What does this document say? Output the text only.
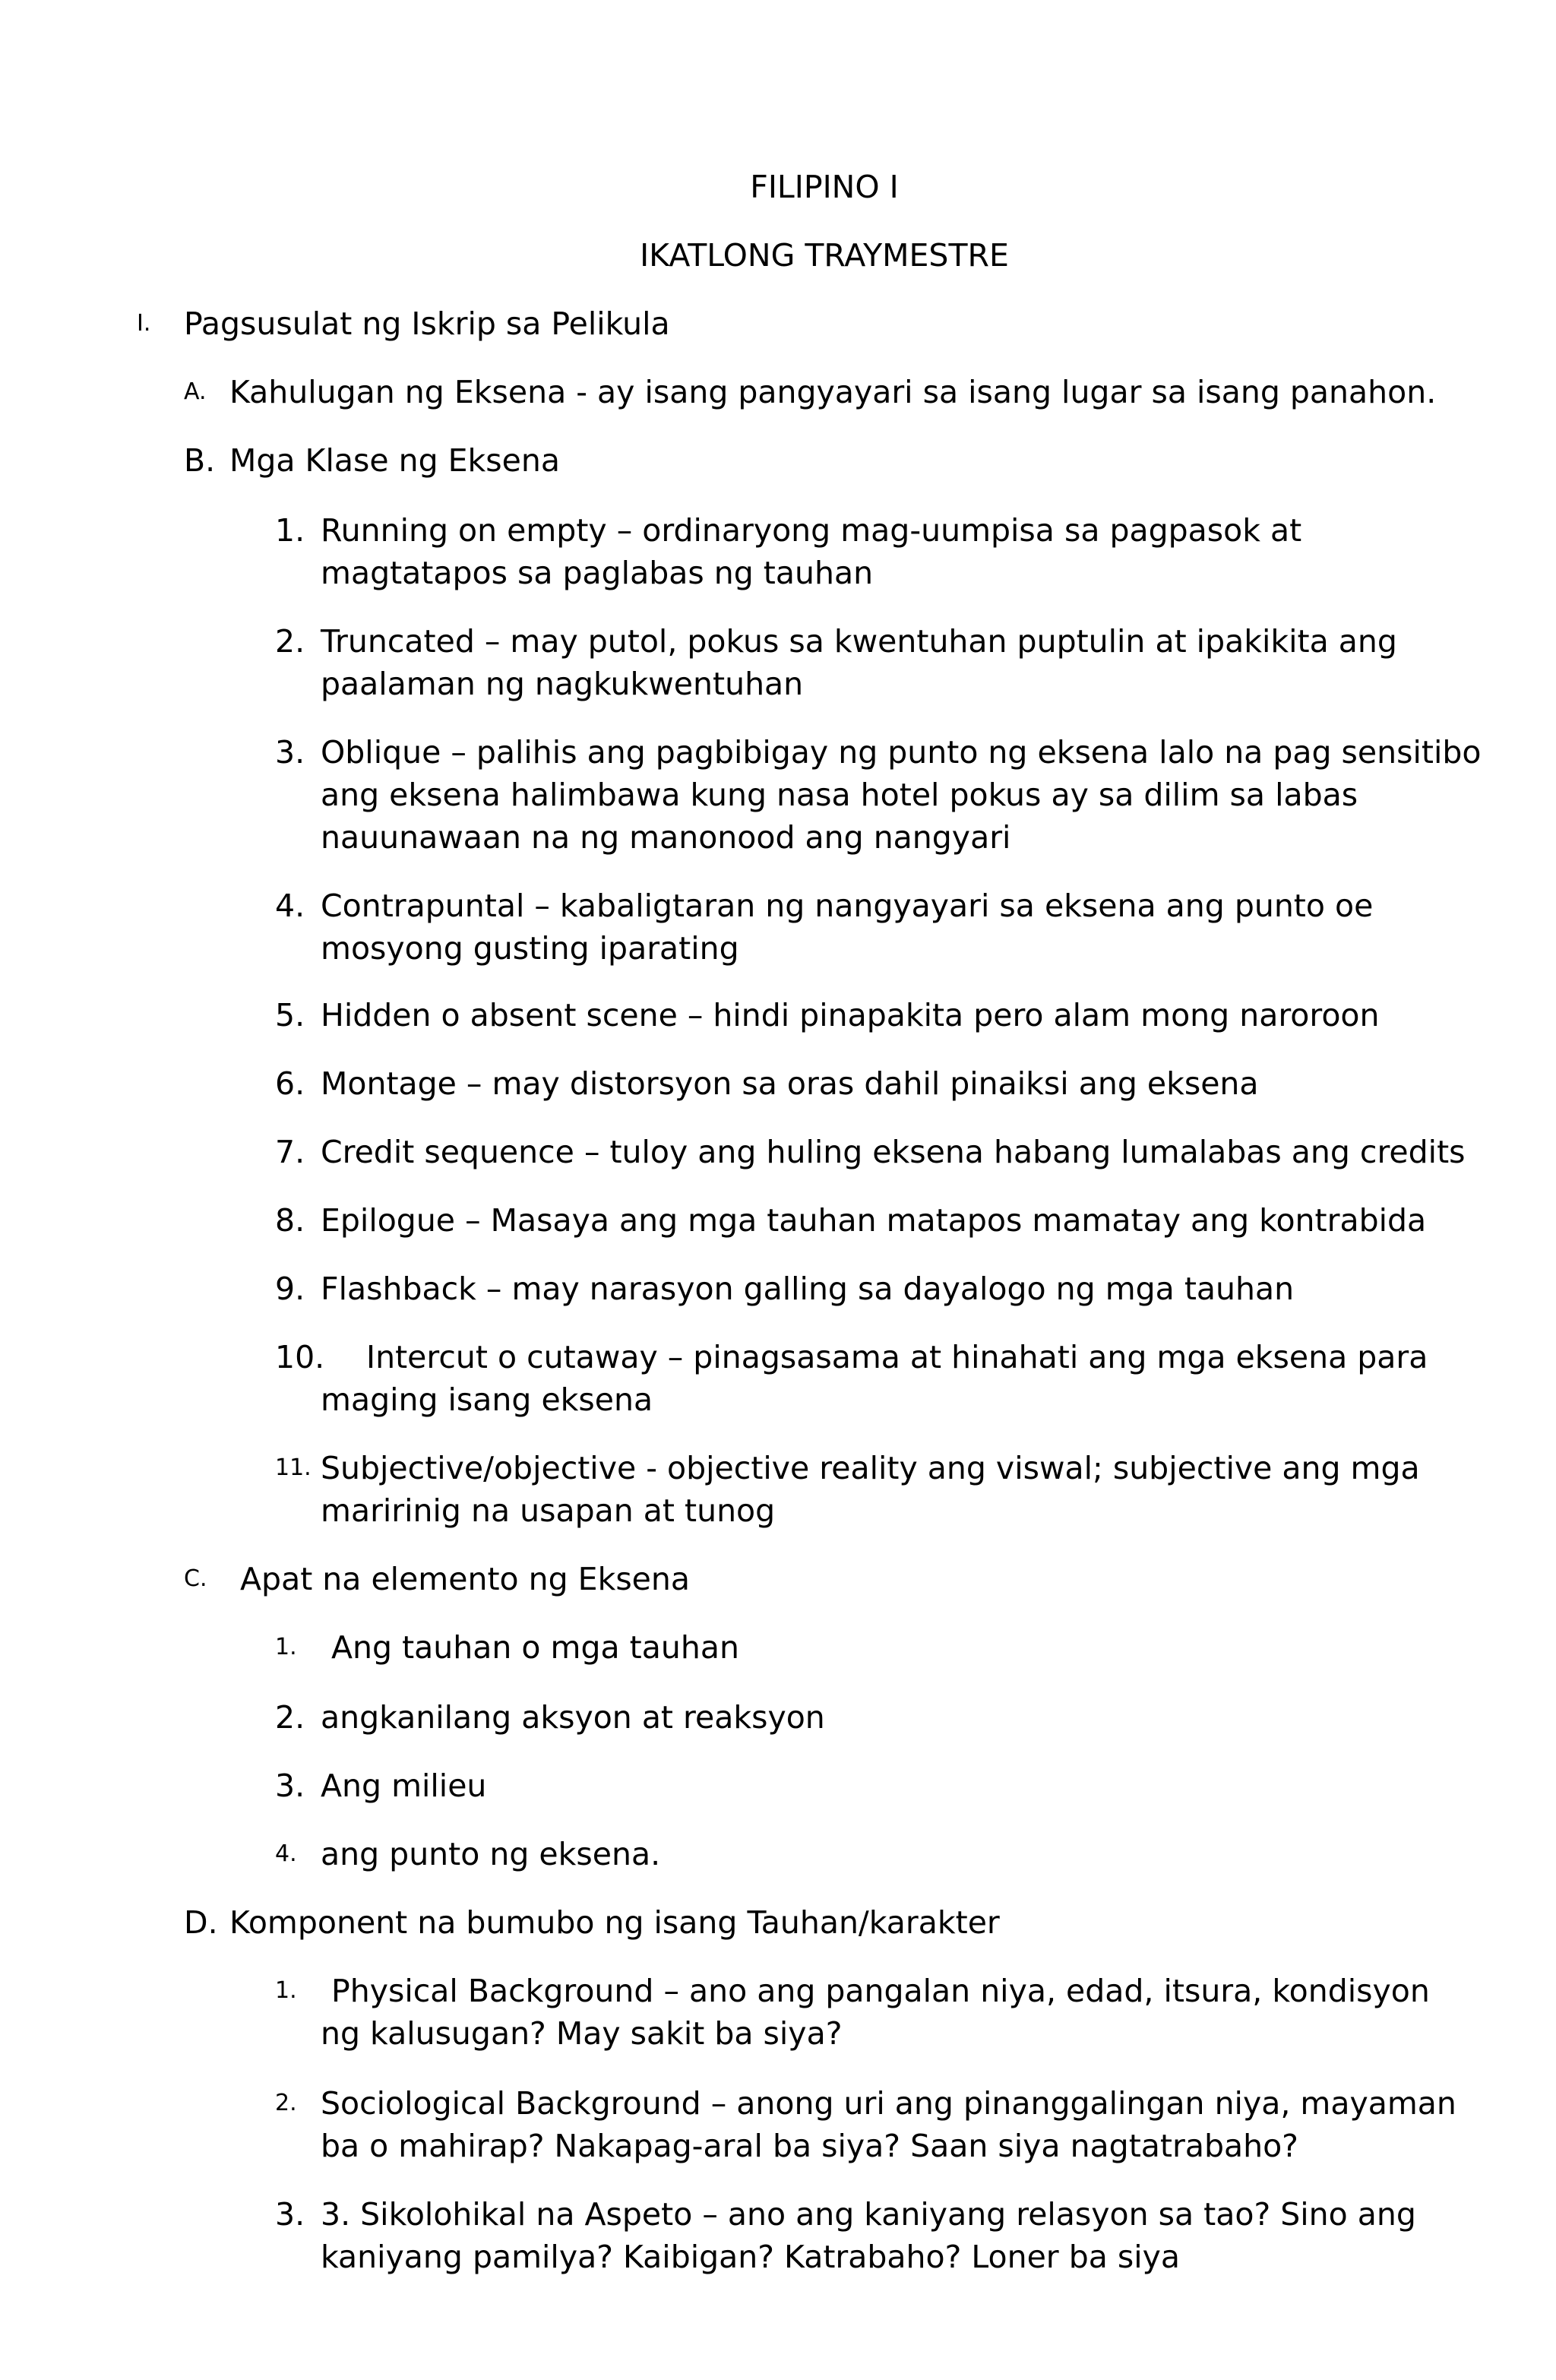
FILIPINO I
IKATLONG TRAYMESTRE
I. Pagsusulat ng Iskrip sa Pelikula
A. Kahulugan ng Eksena - ay isang pangyayari sa isang lugar sa isang panahon.
B. Mga Klase ng Eksena
1. Running on empty – ordinaryong mag-uumpisa sa pagpasok at
magtatapos sa paglabas ng tauhan
2. Truncated – may putol, pokus sa kwentuhan puptulin at ipakikita ang
paalaman ng nagkukwentuhan
3. Oblique – palihis ang pagbibigay ng punto ng eksena lalo na pag sensitibo
ang eksena halimbawa kung nasa hotel pokus ay sa dilim sa labas
nauunawaan na ng manonood ang nangyari
4. Contrapuntal – kabaligtaran ng nangyayari sa eksena ang punto oe
mosyong gusting iparating
5. Hidden o absent scene – hindi pinapakita pero alam mong naroroon
6. Montage – may distorsyon sa oras dahil pinaiksi ang eksena
7. Credit sequence – tuloy ang huling eksena habang lumalabas ang credits
8. Epilogue – Masaya ang mga tauhan matapos mamatay ang kontrabida
9. Flashback – may narasyon galling sa dayalogo ng mga tauhan
10. Intercut o cutaway – pinagsasama at hinahati ang mga eksena para
maging isang eksena
11. Subjective/objective - objective reality ang viswal; subjective ang mga
maririnig na usapan at tunog
C. Apat na elemento ng Eksena
1. Ang tauhan o mga tauhan
2. angkanilang aksyon at reaksyon
3. Ang milieu
4. ang punto ng eksena.
D. Komponent na bumubo ng isang Tauhan/karakter
1. Physical Background – ano ang pangalan niya, edad, itsura, kondisyon
ng kalusugan? May sakit ba siya?
2. Sociological Background – anong uri ang pinanggalingan niya, mayaman
ba o mahirap? Nakapag-aral ba siya? Saan siya nagtatrabaho?
3. 3. Sikolohikal na Aspeto – ano ang kaniyang relasyon sa tao? Sino ang
kaniyang pamilya? Kaibigan? Katrabaho? Loner ba siya
